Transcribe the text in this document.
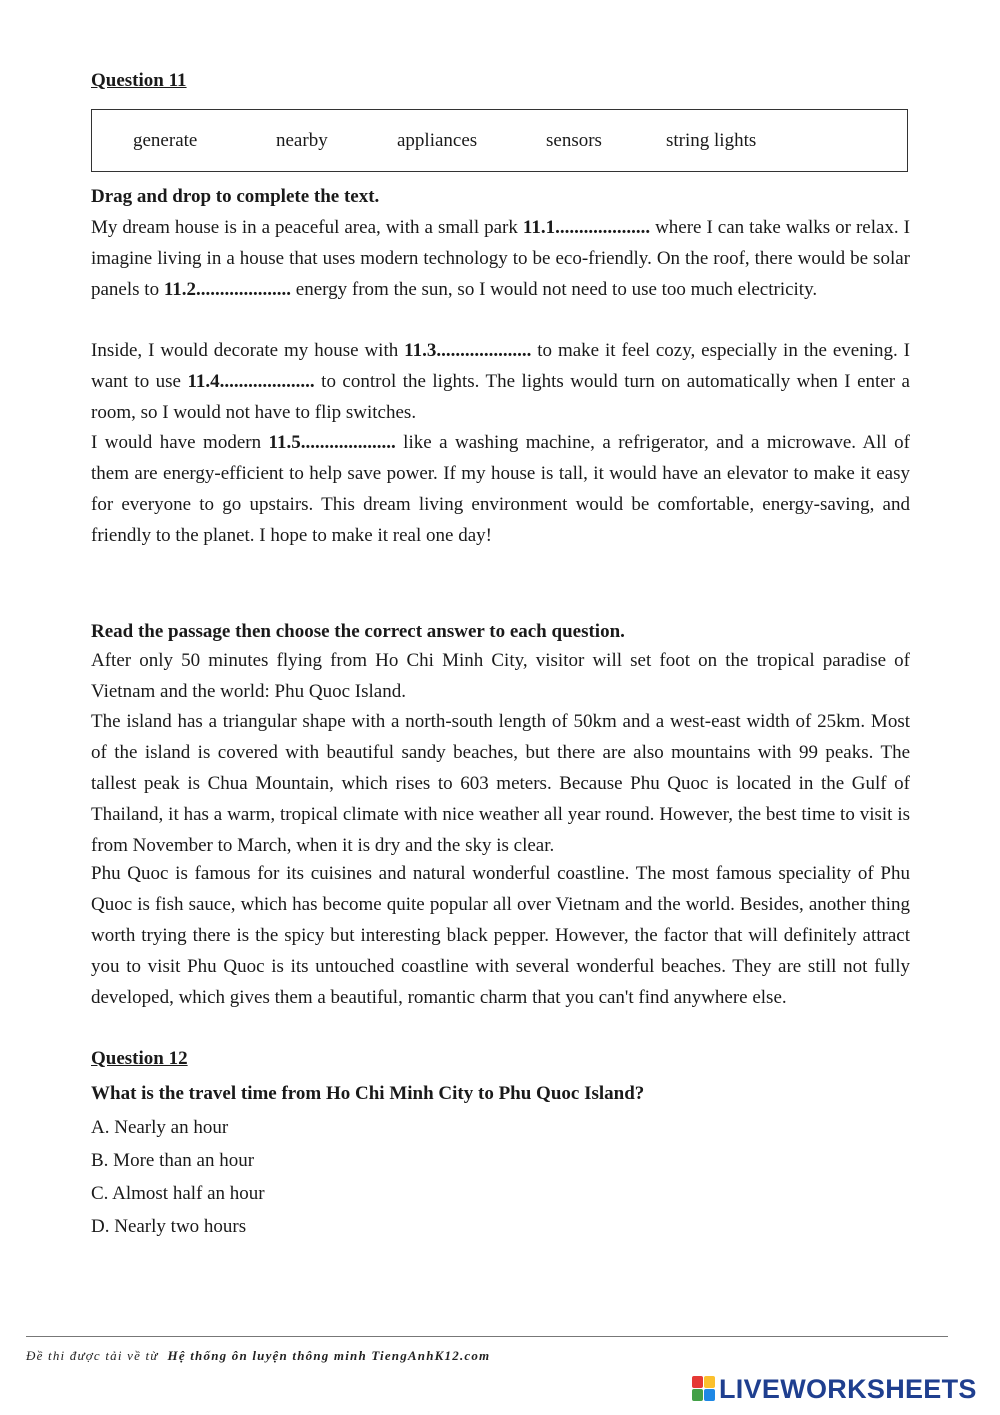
Question 11
generate	nearby	appliances	sensors	string lights

Drag and drop to complete the text.

My dream house is in a peaceful area, with a small park 11.1.................... where I can take walks or relax. I imagine living in a house that uses modern technology to be eco-friendly. On the roof, there would be solar panels to 11.2.................... energy from the sun, so I would not need to use too much electricity.

Inside, I would decorate my house with 11.3.................... to make it feel cozy, especially in the evening. I want to use 11.4.................... to control the lights. The lights would turn on automatically when I enter a room, so I would not have to flip switches.

I would have modern 11.5.................... like a washing machine, a refrigerator, and a microwave. All of them are energy-efficient to help save power. If my house is tall, it would have an elevator to make it easy for everyone to go upstairs. This dream living environment would be comfortable, energy-saving, and friendly to the planet. I hope to make it real one day!

Read the passage then choose the correct answer to each question.

After only 50 minutes flying from Ho Chi Minh City, visitor will set foot on the tropical paradise of Vietnam and the world: Phu Quoc Island.

The island has a triangular shape with a north-south length of 50km and a west-east width of 25km. Most of the island is covered with beautiful sandy beaches, but there are also mountains with 99 peaks. The tallest peak is Chua Mountain, which rises to 603 meters. Because Phu Quoc is located in the Gulf of Thailand, it has a warm, tropical climate with nice weather all year round. However, the best time to visit is from November to March, when it is dry and the sky is clear.

Phu Quoc is famous for its cuisines and natural wonderful coastline. The most famous speciality of Phu Quoc is fish sauce, which has become quite popular all over Vietnam and the world. Besides, another thing worth trying there is the spicy but interesting black pepper. However, the factor that will definitely attract you to visit Phu Quoc is its untouched coastline with several wonderful beaches. They are still not fully developed, which gives them a beautiful, romantic charm that you can't find anywhere else.

Question 12

What is the travel time from Ho Chi Minh City to Phu Quoc Island?

A. Nearly an hour
B. More than an hour
C. Almost half an hour
D. Nearly two hours
Đề thi được tải về từ Hệ thống ôn luyện thông minh TiengAnhK12.com
LIVEWORKSHEETS
